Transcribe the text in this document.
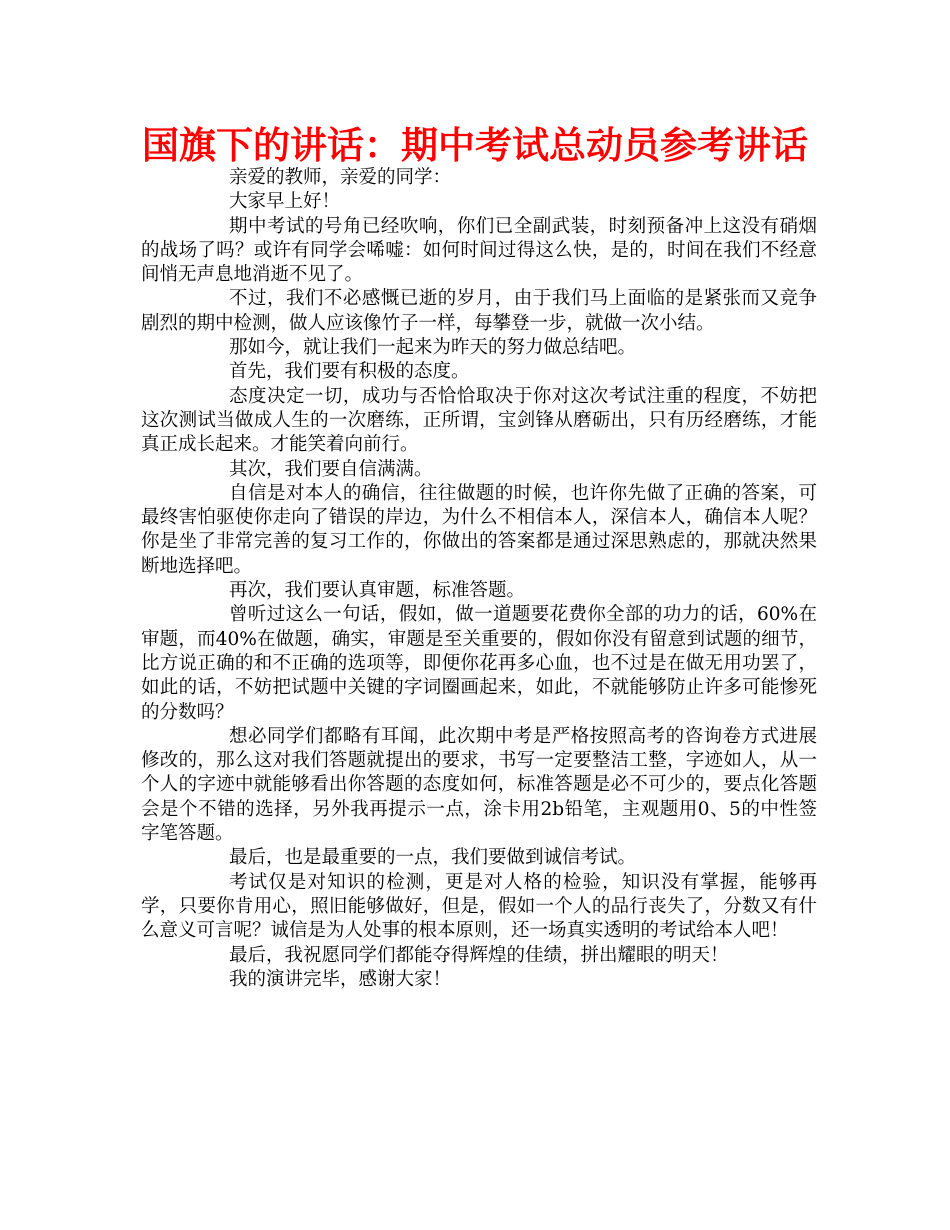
国旗下的讲话：期中考试总动员参考讲话

亲爱的教师，亲爱的同学：

大家早上好！

期中考试的号角已经吹响，你们已全副武装，时刻预备冲上这没有硝烟的战场了吗？或许有同学会唏嘘：如何时间过得这么快，是的，时间在我们不经意间悄无声息地消逝不见了。

不过，我们不必感慨已逝的岁月，由于我们马上面临的是紧张而又竞争剧烈的期中检测，做人应该像竹子一样，每攀登一步，就做一次小结。

那如今，就让我们一起来为昨天的努力做总结吧。

首先，我们要有积极的态度。

态度决定一切，成功与否恰恰取决于你对这次考试注重的程度，不妨把这次测试当做成人生的一次磨练，正所谓，宝剑锋从磨砺出，只有历经磨练，才能真正成长起来。才能笑着向前行。

其次，我们要自信满满。

自信是对本人的确信，往往做题的时候，也许你先做了正确的答案，可最终害怕驱使你走向了错误的岸边，为什么不相信本人，深信本人，确信本人呢？你是坐了非常完善的复习工作的，你做出的答案都是通过深思熟虑的，那就决然果断地选择吧。

再次，我们要认真审题，标准答题。

曾听过这么一句话，假如，做一道题要花费你全部的功力的话，60%在审题，而40%在做题，确实，审题是至关重要的，假如你没有留意到试题的细节，比方说正确的和不正确的选项等，即便你花再多心血，也不过是在做无用功罢了，如此的话，不妨把试题中关键的字词圈画起来，如此，不就能够防止许多可能惨死的分数吗？

想必同学们都略有耳闻，此次期中考是严格按照高考的咨询卷方式进展修改的，那么这对我们答题就提出的要求，书写一定要整洁工整，字迹如人，从一个人的字迹中就能够看出你答题的态度如何，标准答题是必不可少的，要点化答题会是个不错的选择，另外我再提示一点，涂卡用2b铅笔，主观题用0、5的中性签字笔答题。

最后，也是最重要的一点，我们要做到诚信考试。

考试仅是对知识的检测，更是对人格的检验，知识没有掌握，能够再学，只要你肯用心，照旧能够做好，但是，假如一个人的品行丧失了，分数又有什么意义可言呢？诚信是为人处事的根本原则，还一场真实透明的考试给本人吧！

最后，我祝愿同学们都能夺得辉煌的佳绩，拼出耀眼的明天！

我的演讲完毕，感谢大家！
